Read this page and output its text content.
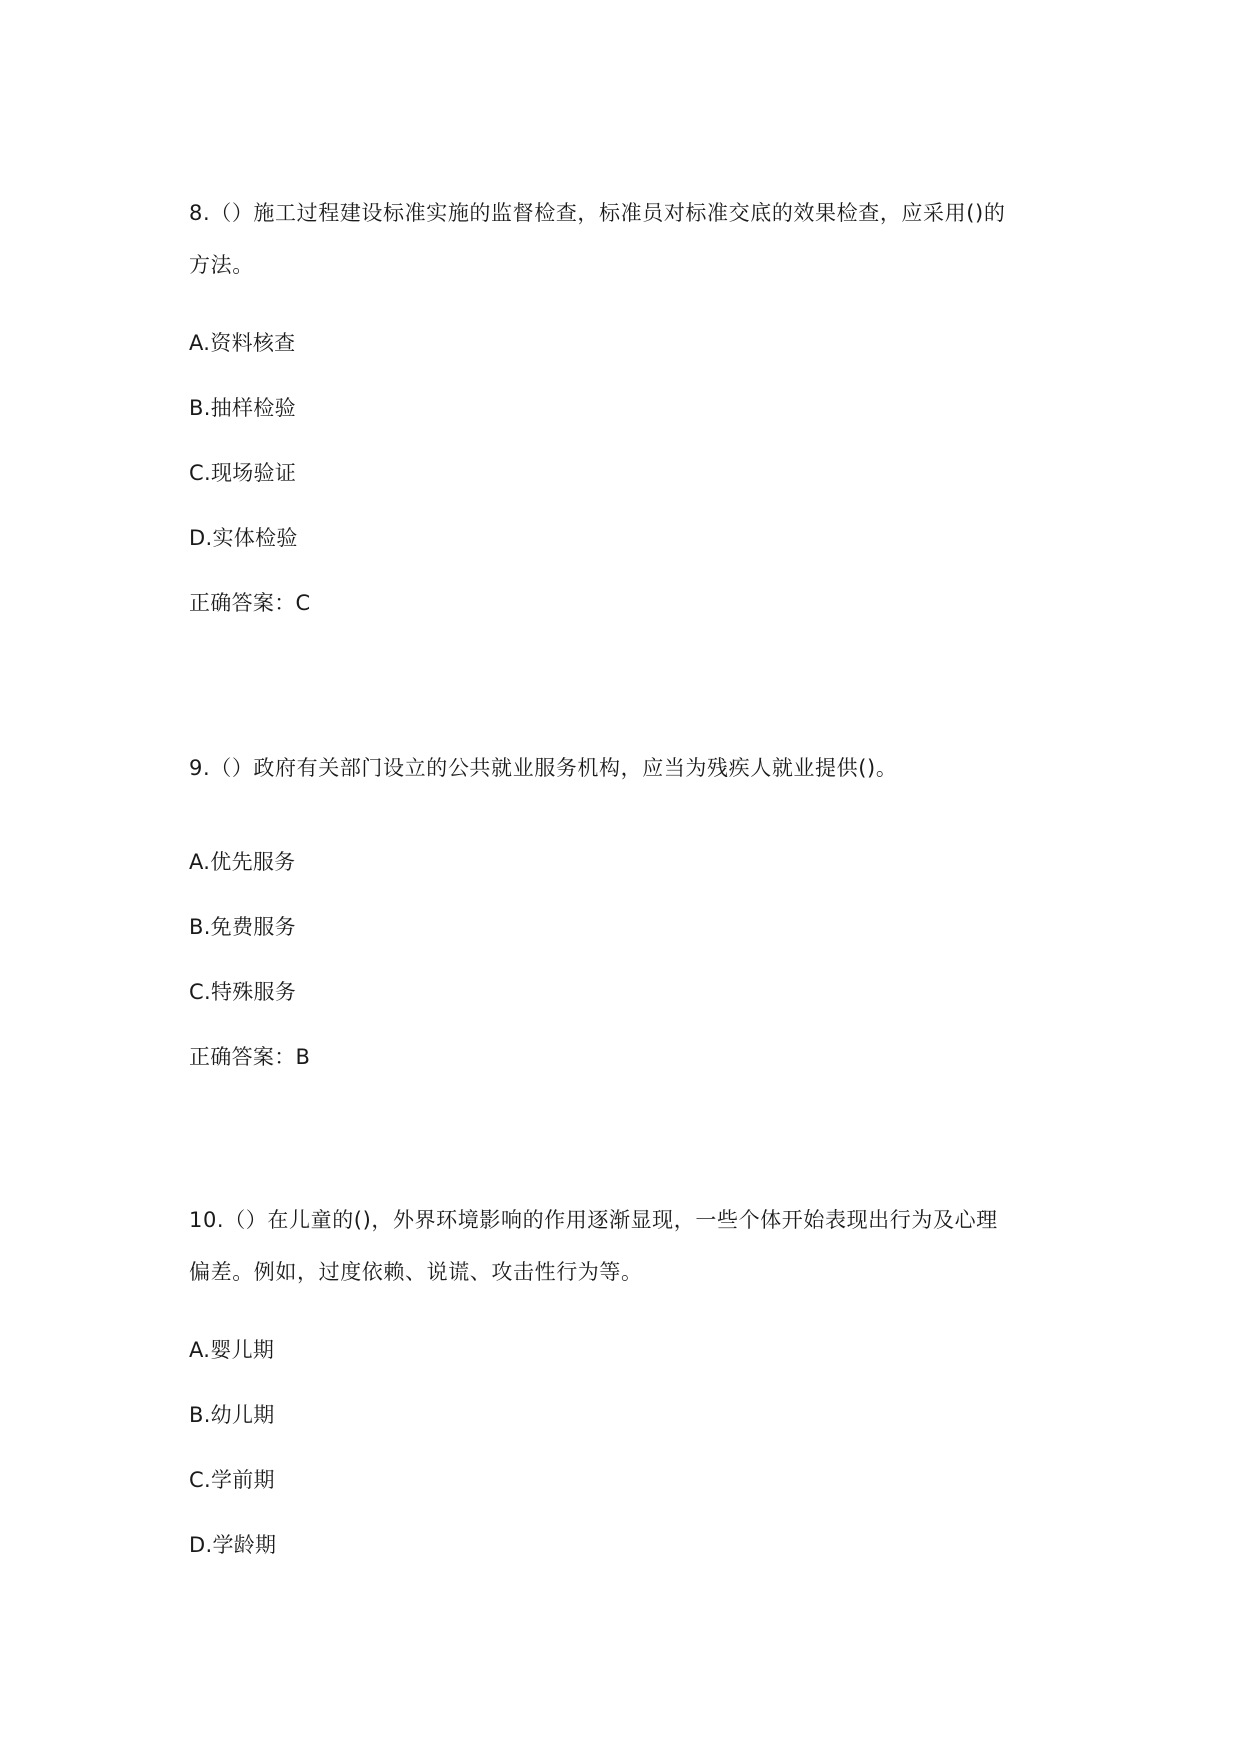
8.（）施工过程建设标准实施的监督检查，标准员对标准交底的效果检查，应采用()的
方法。
A.资料核查
B.抽样检验
C.现场验证
D.实体检验
正确答案：C
9.（）政府有关部门设立的公共就业服务机构，应当为残疾人就业提供()。
A.优先服务
B.免费服务
C.特殊服务
正确答案：B
10.（）在儿童的()，外界环境影响的作用逐渐显现，一些个体开始表现出行为及心理
偏差。例如，过度依赖、说谎、攻击性行为等。
A.婴儿期
B.幼儿期
C.学前期
D.学龄期
